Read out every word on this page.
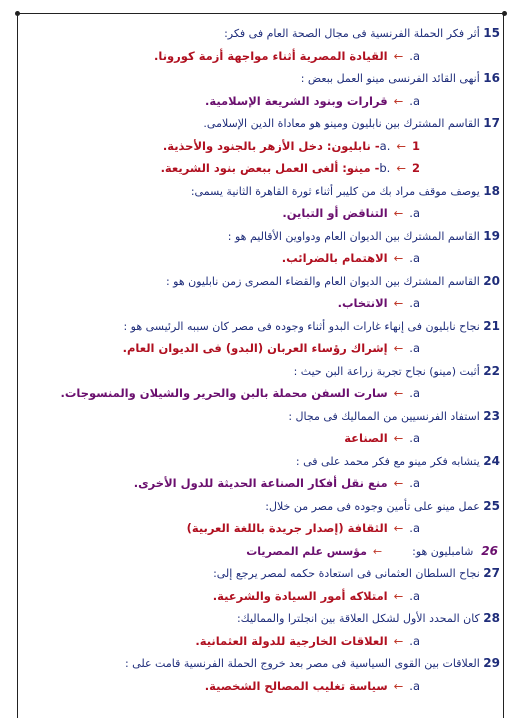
15 أثر فكر الحملة الفرنسية فى مجال الصحة العام فى فكر:
a.←القيادة المصرية أثناء مواجهة أزمة كورونا.
16 أنهى القائد الفرنسى مينو العمل ببعض :
a.←قرارات وبنود الشريعة الإسلامية.
17 القاسم المشترك بين نابليون ومينو هو معاداة الدين الإسلامى.
a. ←1- نابليون: دخل الأزهر بالجنود والأحذية.
b. ←2- مينو: ألغى العمل ببعض بنود الشريعة.
18 يوصف موقف مراد بك من كليبر أثناء ثورة القاهرة الثانية يسمى:
a.←التناقض أو التباين.
19 القاسم المشترك بين الديوان العام ودواوين الأقاليم هو :
a.←الاهتمام بالضرائب.
20 القاسم المشترك بين الديوان العام والقضاء المصرى زمن نابليون هو :
a.←الانتخاب.
21 نجاح نابليون فى إنهاء غارات البدو أثناء وجوده فى مصر كان سببه الرئيسى هو :
a.←إشراك رؤساء العربان (البدو) فى الديوان العام.
22 أثبت (مينو) نجاح تجربة زراعة البن حيث :
a.←سارت السفن محملة بالبن والحرير والشيلان والمنسوجات.
23 استفاد الفرنسيين من المماليك فى مجال :
a.←الصناعة
24 يتشابه فكر مينو مع فكر محمد على فى :
a.←منع نقل أفكار الصناعة الحديثة للدول الأخرى.
25 عمل مينو على تأمين وجوده فى مصر من خلال:
a.←الثقافة (إصدار جريدة باللغة العربية)
26شامبليون هو:←مؤسس علم المصريات
27 نجاح السلطان العثمانى فى استعادة حكمه لمصر يرجع إلى:
a.←امتلاكه أمور السيادة والشرعية.
28 كان المحدد الأول لشكل العلاقة بين انجلترا والمماليك:
a.←العلاقات الخارجية للدولة العثمانية.
29 العلاقات بين القوى السياسية فى مصر بعد خروج الحملة الفرنسية قامت على :
a.←سياسة تغليب المصالح الشخصية.
